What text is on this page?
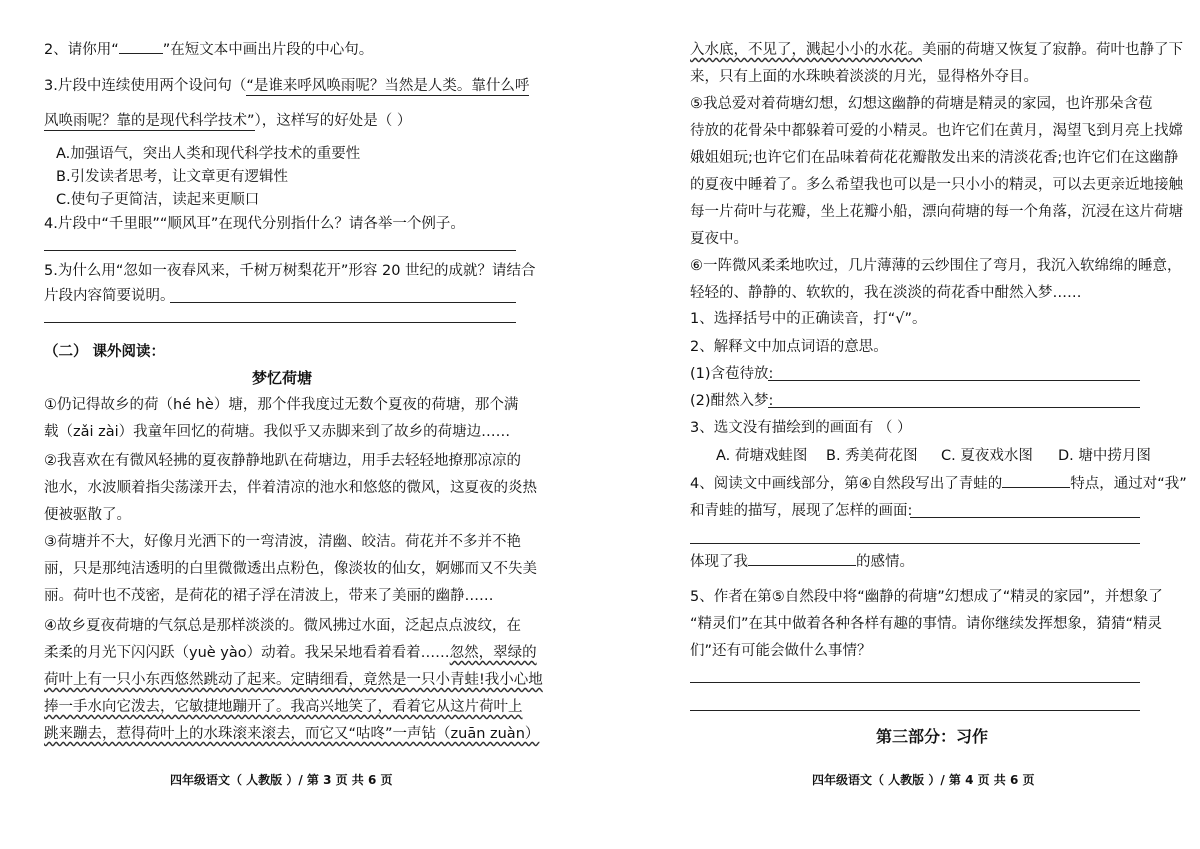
2、请你用“	”在短文本中画出片段的中心句。
3.片段中连续使用两个设问句（“是谁来呼风唤雨呢？当然是人类。靠什么呼
风唤雨呢？靠的是现代科学技术”），这样写的好处是（ ）
A.加强语气，突出人类和现代科学技术的重要性
B.引发读者思考，让文章更有逻辑性
C.使句子更简洁，读起来更顺口
4.片段中“千里眼”“顺风耳”在现代分别指什么？请各举一个例子。
5.为什么用“忽如一夜春风来，千树万树梨花开”形容 20 世纪的成就？请结合
片段内容简要说明。
（二） 课外阅读：
梦忆荷塘
①仍记得故乡的荷（hé hè）塘，那个伴我度过无数个夏夜的荷塘，那个满
载（zǎi zài）我童年回忆的荷塘。我似乎又赤脚来到了故乡的荷塘边……
②我喜欢在有微风轻拂的夏夜静静地趴在荷塘边，用手去轻轻地撩那凉凉的
池水，水波顺着指尖荡漾开去，伴着清凉的池水和悠悠的微风，这夏夜的炎热
便被驱散了。
③荷塘并不大，好像月光洒下的一弯清波，清幽、皎洁。荷花并不多并不艳
丽，只是那纯洁透明的白里微微透出点粉色，像淡妆的仙女，婀娜而又不失美
丽。荷叶也不茂密，是荷花的裙子浮在清波上，带来了美丽的幽静……
④故乡夏夜荷塘的气氛总是那样淡淡的。微风拂过水面，泛起点点波纹，在
柔柔的月光下闪闪跃（yuè yào）动着。我呆呆地看着看着……忽然，翠绿的
荷叶上有一只小东西悠然跳动了起来。定睛细看，竟然是一只小青蛙!我小心地
捧一手水向它泼去，它敏捷地蹦开了。我高兴地笑了，看着它从这片荷叶上
跳来蹦去，惹得荷叶上的水珠滚来滚去，而它又“咕咚”一声钻（zuān zuàn）
四年级语文（ 人教版 ）/ 第 3 页 共 6 页
入水底，不见了，溅起小小的水花。美丽的荷塘又恢复了寂静。荷叶也静了下
来，只有上面的水珠映着淡淡的月光，显得格外夺目。
⑤我总爱对着荷塘幻想，幻想这幽静的荷塘是精灵的家园，也许那朵含苞
待放的花骨朵中都躲着可爱的小精灵。也许它们在黄月，渴望飞到月亮上找嫦
娥姐姐玩;也许它们在品味着荷花花瓣散发出来的清淡花香;也许它们在这幽静
的夏夜中睡着了。多么希望我也可以是一只小小的精灵，可以去更亲近地接触
每一片荷叶与花瓣，坐上花瓣小船，漂向荷塘的每一个角落，沉浸在这片荷塘
夏夜中。
⑥一阵微风柔柔地吹过，几片薄薄的云纱围住了弯月，我沉入软绵绵的睡意，
轻轻的、静静的、软软的，我在淡淡的荷花香中酣然入梦……
1、选择括号中的正确读音，打“√”。
2、解释文中加点词语的意思。
(1)含苞待放:
(2)酣然入梦:
3、选文没有描绘到的画面有 （ ）
A. 荷塘戏蛙图 B. 秀美荷花图 C. 夏夜戏水图 D. 塘中捞月图
4、阅读文中画线部分，第④自然段写出了青蛙的	特点，通过对“我”
和青蛙的描写，展现了怎样的画面:
体现了我	的感情。
5、作者在第⑤自然段中将“幽静的荷塘”幻想成了“精灵的家园”，并想象了
“精灵们”在其中做着各种各样有趣的事情。请你继续发挥想象，猜猜“精灵
们”还有可能会做什么事情？
第三部分：习作
四年级语文（ 人教版 ）/ 第 4 页 共 6 页
